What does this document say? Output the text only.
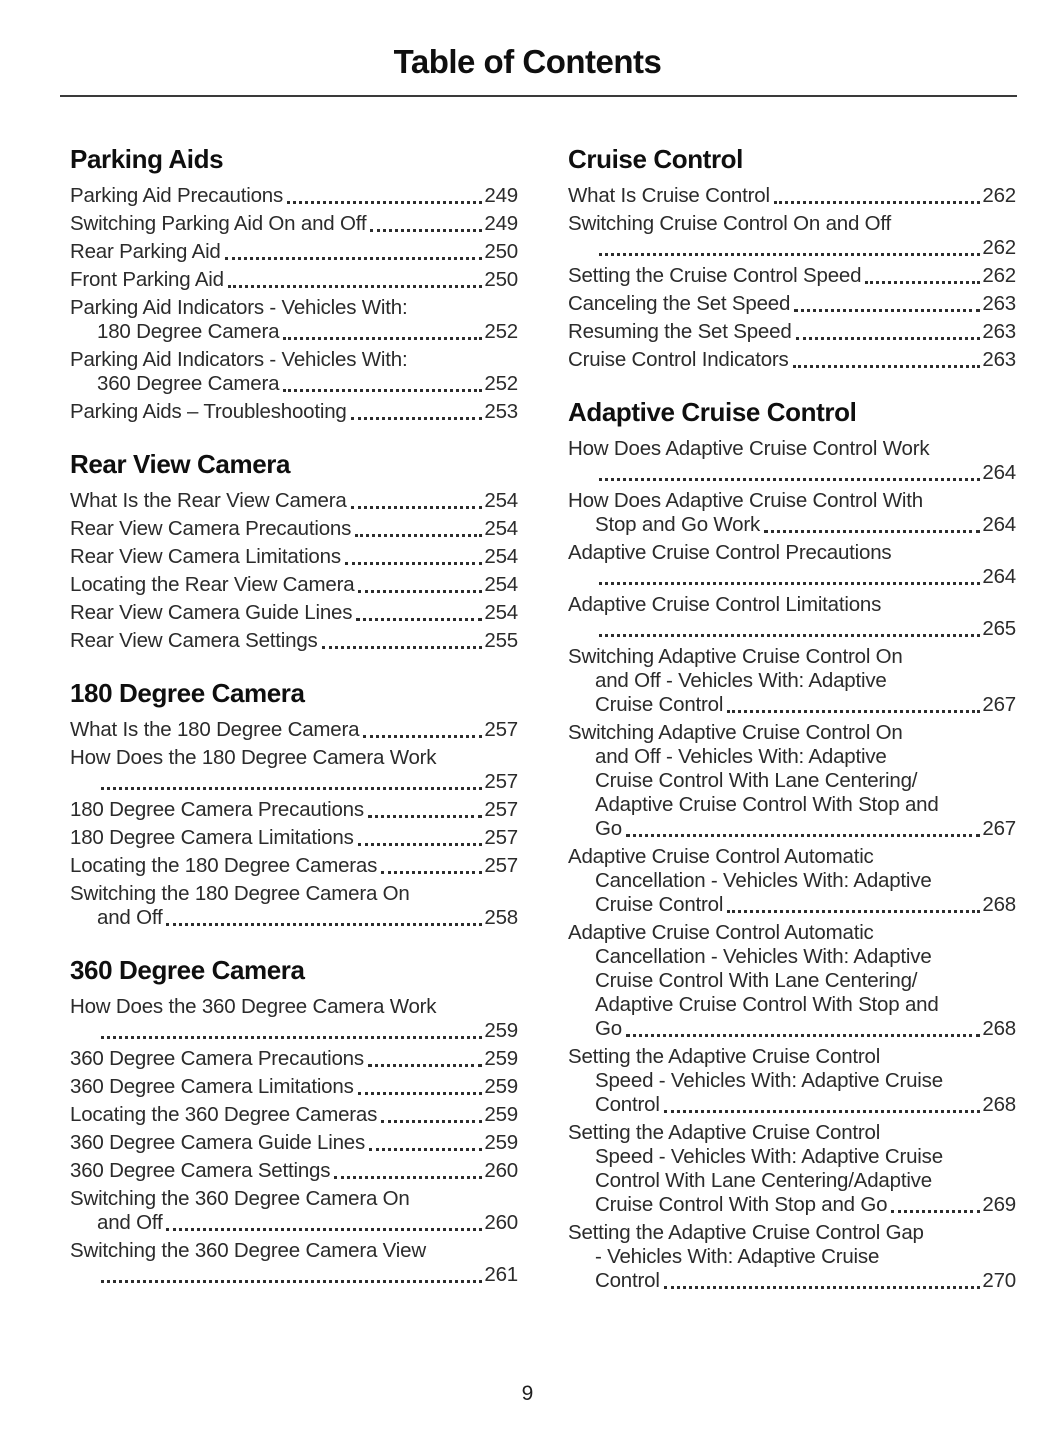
Table of Contents
Parking Aids
Parking Aid Precautions	249
Switching Parking Aid On and Off	249
Rear Parking Aid	250
Front Parking Aid	250
Parking Aid Indicators - Vehicles With:
180 Degree Camera	252
Parking Aid Indicators - Vehicles With:
360 Degree Camera	252
Parking Aids – Troubleshooting	253
Rear View Camera
What Is the Rear View Camera	254
Rear View Camera Precautions	254
Rear View Camera Limitations	254
Locating the Rear View Camera	254
Rear View Camera Guide Lines	254
Rear View Camera Settings	255
180 Degree Camera
What Is the 180 Degree Camera	257
How Does the 180 Degree Camera Work
257
180 Degree Camera Precautions	257
180 Degree Camera Limitations	257
Locating the 180 Degree Cameras	257
Switching the 180 Degree Camera On
and Off	258
360 Degree Camera
How Does the 360 Degree Camera Work
259
360 Degree Camera Precautions	259
360 Degree Camera Limitations	259
Locating the 360 Degree Cameras	259
360 Degree Camera Guide Lines	259
360 Degree Camera Settings	260
Switching the 360 Degree Camera On
and Off	260
Switching the 360 Degree Camera View
261
Cruise Control
What Is Cruise Control	262
Switching Cruise Control On and Off
262
Setting the Cruise Control Speed	262
Canceling the Set Speed	263
Resuming the Set Speed	263
Cruise Control Indicators	263
Adaptive Cruise Control
How Does Adaptive Cruise Control Work
264
How Does Adaptive Cruise Control With
Stop and Go Work	264
Adaptive Cruise Control Precautions
264
Adaptive Cruise Control Limitations
265
Switching Adaptive Cruise Control On
and Off - Vehicles With: Adaptive
Cruise Control	267
Switching Adaptive Cruise Control On
and Off - Vehicles With: Adaptive
Cruise Control With Lane Centering/
Adaptive Cruise Control With Stop and
Go	267
Adaptive Cruise Control Automatic
Cancellation - Vehicles With: Adaptive
Cruise Control	268
Adaptive Cruise Control Automatic
Cancellation - Vehicles With: Adaptive
Cruise Control With Lane Centering/
Adaptive Cruise Control With Stop and
Go	268
Setting the Adaptive Cruise Control
Speed - Vehicles With: Adaptive Cruise
Control	268
Setting the Adaptive Cruise Control
Speed - Vehicles With: Adaptive Cruise
Control With Lane Centering/Adaptive
Cruise Control With Stop and Go	269
Setting the Adaptive Cruise Control Gap
- Vehicles With: Adaptive Cruise
Control	270
9
